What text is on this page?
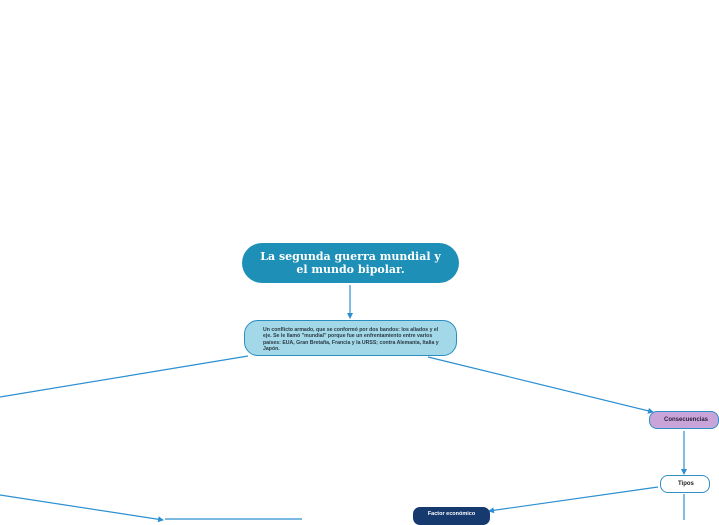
La segunda guerra mundial y el mundo bipolar.
Un conflicto armado, que se conformó por dos bandos: los aliados y el eje. Se le llamó "mundial" porque fue un enfrentamiento entre varios países: EUA, Gran Bretaña, Francia y la URSS; contra Alemania, Italia y Japón.
Consecuencias
Tipos
Factor económico
